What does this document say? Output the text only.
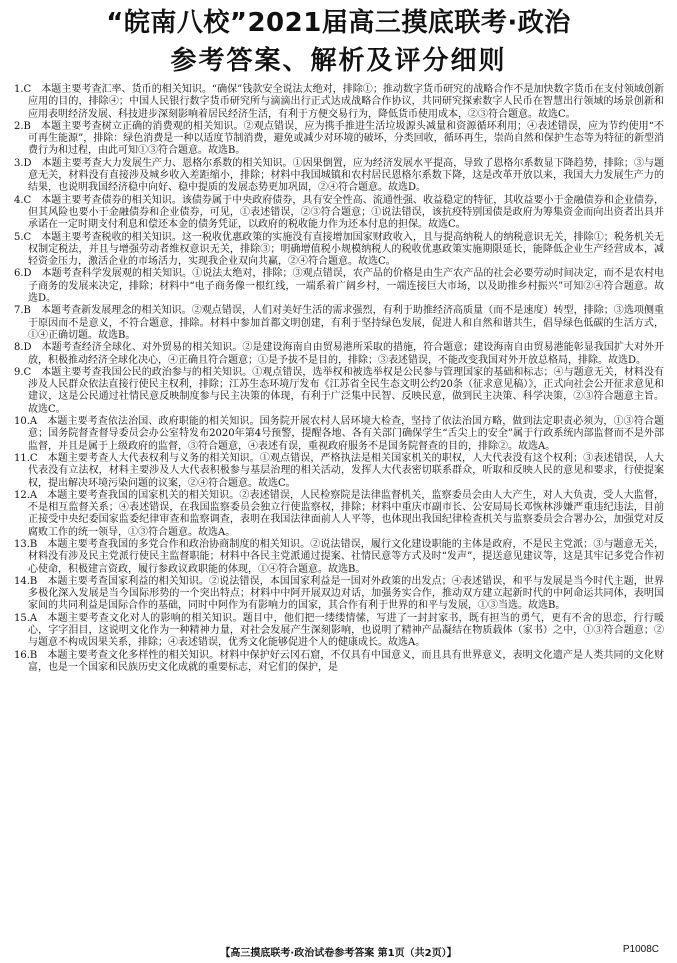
“皖南八校”2021届高三摸底联考·政治
参考答案、解析及评分细则

1.C  本题主要考查汇率、货币的相关知识。“确保”钱款安全说法太绝对，排除①；推动数字货币研究的战略合作不是加快数字货币在支付领域创新应用的目的，排除④；中国人民银行数字货币研究所与滴滴出行正式达成战略合作协议，共同研究探索数字人民币在智慧出行领域的场景创新和应用表明经济发展、科技进步深刻影响着居民经济生活，有利于方便交易行为，降低货币使用成本，②③符合题意。故选C。

2.B  本题主要考查树立正确的消费观的相关知识。②观点错误，应为携手推进生活垃圾源头减量和资源循环利用；④表述错误，应为节约使用“不可再生能源”，排除：绿色消费是一种以适度节制消费，避免或减少对环境的破坏，分类回收，循环再生，崇尚自然和保护生态等为特征的新型消费行为和过程，由此可知①③符合题意。故选B。

3.D  本题主要考查大力发展生产力、恩格尔系数的相关知识。①因果倒置，应为经济发展水平提高，导致了恩格尔系数显下降趋势，排除；③与题意无关，材料没有直接涉及城乡收入差距缩小，排除；材料中我国城镇和农村居民恩格尔系数下降，这是改革开放以来，我国大力发展生产力的结果，也说明我国经济稳中向好、稳中提质的发展态势更加巩固，②④符合题意。故选D。

4.C  本题主要考查债券的相关知识。该债券属于中央政府债券，具有安全性高、流通性强、收益稳定的特征，其收益要小于金融债券和企业债券，但其风险也要小于金融债券和企业债券，可见，①表述错误，②③符合题意；①说法错误，该抗疫特别国债是政府为筹集资金而向出资者出具并承诺在一定时期支付利息和偿还本金的债务凭证，以政府的税收能力作为还本付息的担保。故选C。

5.C  本题主要考查税收的相关知识。这一税收优惠政策的实施没有直接增加国家财政收入，且与提高纳税人的纳税意识无关，排除①；税务机关无权制定税法，并且与增强劳动者维权意识无关，排除③；明确增值税小规模纳税人的税收优惠政策实施期限延长，能降低企业生产经营成本，减轻资金压力，激活企业的市场活力，实现我企业双向共赢，②④符合题意。故选C。

6.D  本题考查科学发展观的相关知识。①说法太绝对，排除；③观点错误，农产品的价格是由生产农产品的社会必要劳动时间决定，而不是农村电子商务的发展来决定，排除；材料中“电子商务像一根红线，一端系着广阔乡村，一端连接巨大市场，以及助推乡村振兴”可知②④符合题意。故选D。

7.B  本题考查新发展理念的相关知识。②观点错误，人们对美好生活的需求强烈，有利于助推经济高质量（而不是速度）转型，排除；③选项侧重于原因而不是意义，不符合题意，排除。材料中参加首都文明创建，有利于坚持绿色发展，促进人和自然和谐共生，倡导绿色低碳的生活方式，①④正确切题。故选B。

8.D  本题考查经济全球化、对外贸易的相关知识。②是建设海南自由贸易港所采取的措施，符合题意；建设海南自由贸易港能彰显我国扩大对外开放，积极推动经济全球化决心，④正确且符合题意；①是予拔不是目的，排除；③表述错误，不能改变我国对外开放总格局，排除。故选D。

9.C  本题主要考查我国公民的政治参与的相关知识。①观点错误，选举权和被选举权是公民参与管理国家的基础和标志；④与题意无关，材料没有涉及人民群众依法直接行使民主权利，排除；江苏生态环境厅发布《江苏省全民生态文明公约20条（征求意见稿）》，正式向社会公开征求意见和建议，这是公民通过社情民意反映制度参与民主决策的体现，有利于广泛集中民智、反映民意，做到民主决策、科学决策，②③符合题意主旨。故选C。

10.A  本题主要考查依法治国、政府职能的相关知识。国务院开展农村人居环境大检查，坚持了依法治国方略，做到法定职责必须为，①③符合题意；国务院督查督导委员会办公室特发布2020年第4号预警，提醒各地、各有关部门确保学生“舌尖上的安全”属于行政系统内部监督而不是外部监督，并且是属于上级政府的监督，③符合题意，④表述有误，重视政府服务不是国务院督查的目的，排除②。故选A。

11.C  本题主要考查人大代表权利与义务的相关知识。①观点错误，严格执法是相关国家机关的职权，人大代表没有这个权利；③表述错误，人大代表没有立法权，材料主要涉及人大代表积极参与基层治理的相关活动，发挥人大代表密切联系群众，听取和反映人民的意见和要求，行使提案权，提出解决环境污染问题的议案，②④符合题意。故选C。

12.A  本题主要考查我国的国家机关的相关知识。②表述错误，人民检察院是法律监督机关，监察委员会由人大产生，对人大负责，受人大监督，不是相互监督关系；④表述错误，在我国监察委员会独立行使监察权，排除；材料中重庆市副市长、公安局局长邓恢林涉嫌严重违纪违法，目前正接受中央纪委国家监委纪律审查和监察调查，表明在我国法律面前人人平等，也体现出我国纪律检查机关与监察委员会合署办公，加强党对反腐败工作的统一领导，①③符合题意。故选A。

13.B  本题主要考查我国的多党合作和政治协商制度的相关知识。②说法错误，履行文化建设职能的主体是政府，不是民主党派；③与题意无关，材料没有涉及民主党派行使民主监督职能；材料中各民主党派通过提案、社情民意等方式及时“发声”，提送意见建议等，这是其牢记多党合作初心使命，积极建言资政，履行参政议政职能的体现，①④符合题意。故选B。

14.B  本题主要考查国家利益的相关知识。②说法错误，本国国家利益是一国对外政策的出发点；④表述错误，和平与发展是当今时代主题，世界多极化深入发展是当今国际形势的一个突出特点；材料中中阿开展双边对话，加强务实合作，推动双方建立起新时代的中阿命运共同体，表明国家间的共同利益是国际合作的基础，同时中阿作为有影响力的国家，其合作有利于世界的和平与发展，①③当选。故选B。

15.A  本题主要考查文化对人的影响的相关知识。题目中，他们把一缕缕情愫，写进了一封封家书，既有担当的勇气，更有不舍的思恋，行行暖心，字字泪目，这说明文化作为一种精神力量，对社会发展产生深刻影响，也说明了精神产品凝结在物质载体（家书）之中，①③符合题意；②与题意不构成因果关系，排除；④表述错误，优秀文化能够促进个人的健康成长。故选A。

16.B  本题主要考查文化多样性的相关知识。材料中保护好云冈石窟，不仅具有中国意义，而且具有世界意义，表明文化遗产是人类共同的文化财富，也是一个国家和民族历史文化成就的重要标志，对它们的保护，是

【高三摸底联考·政治试卷参考答案 第1页（共2页）】	P1008C
